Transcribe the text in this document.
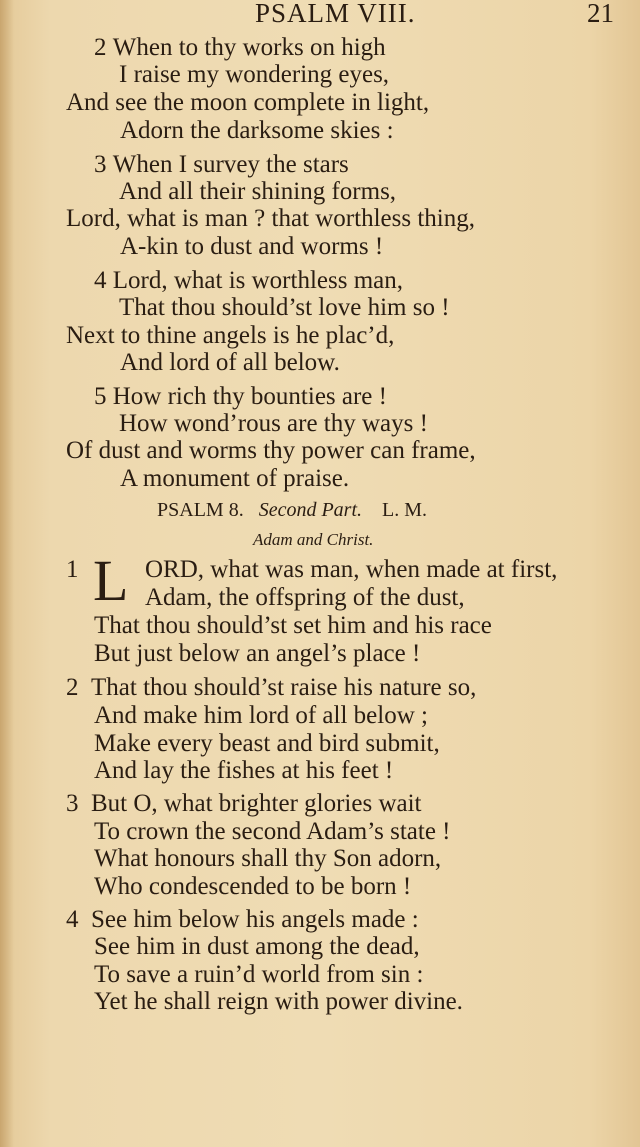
PSALM VIII.	21
2 When to thy works on high
I raise my wondering eyes,
And see the moon complete in light,
Adorn the darksome skies :
3 When I survey the stars
And all their shining forms,
Lord, what is man ? that worthless thing,
A-kin to dust and worms !
4 Lord, what is worthless man,
That thou should’st love him so !
Next to thine angels is he plac’d,
And lord of all below.
5 How rich thy bounties are !
How wond’rous are thy ways !
Of dust and worms thy power can frame,
A monument of praise.
PSALM 8. Second Part. L. M.
Adam and Christ.
1 L ORD, what was man, when made at first,
Adam, the offspring of the dust,
That thou should’st set him and his race
But just below an angel’s place !
2 That thou should’st raise his nature so,
And make him lord of all below ;
Make every beast and bird submit,
And lay the fishes at his feet !
3 But O, what brighter glories wait
To crown the second Adam’s state !
What honours shall thy Son adorn,
Who condescended to be born !
4 See him below his angels made :
See him in dust among the dead,
To save a ruin’d world from sin :
Yet he shall reign with power divine.
